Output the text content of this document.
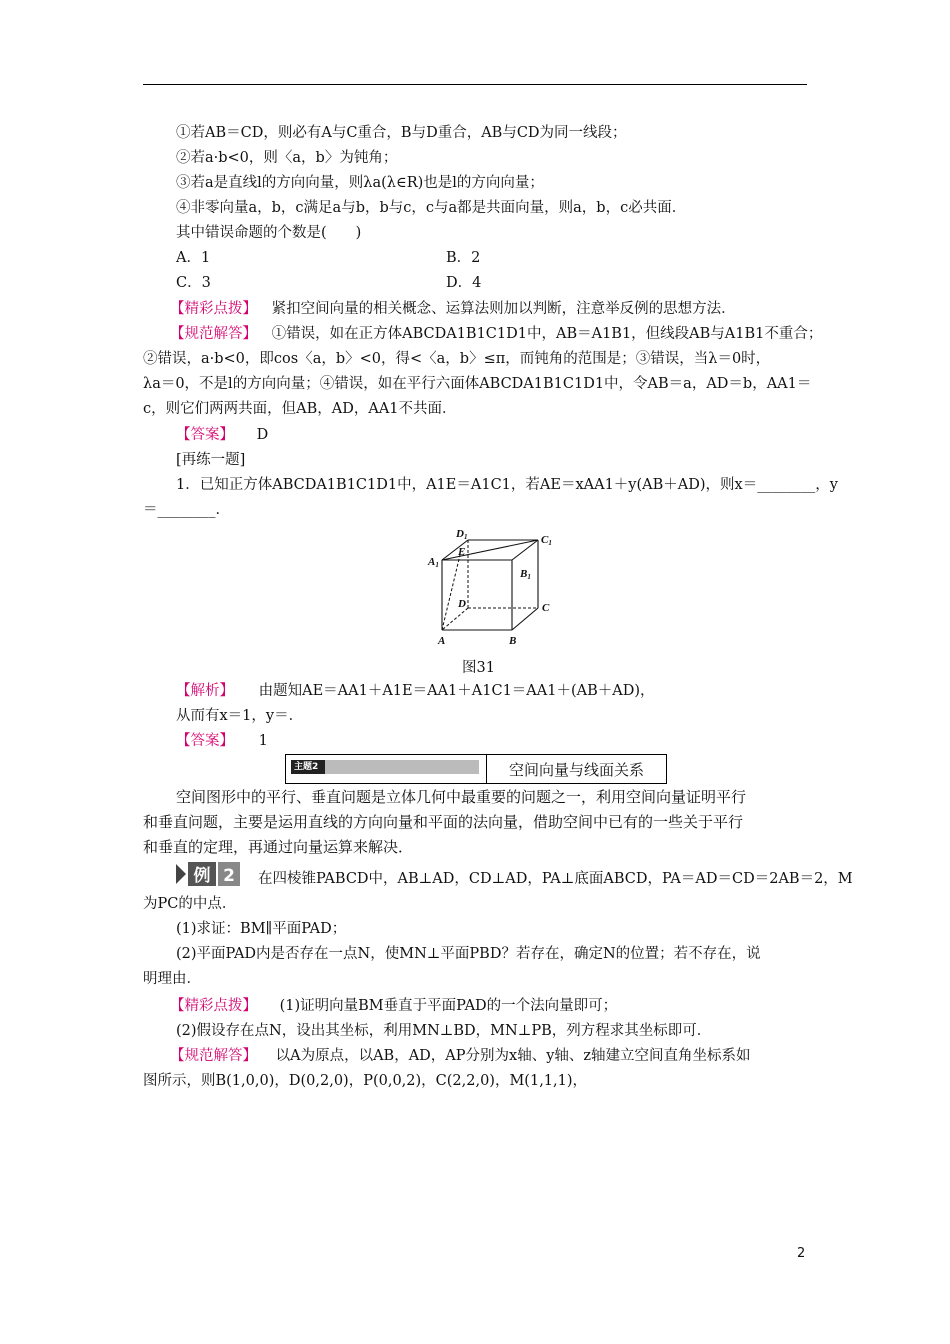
①若AB＝CD，则必有A与C重合，B与D重合，AB与CD为同一线段；
②若a·b<0，则〈a，b〉为钝角；
③若a是直线l的方向向量，则λa(λ∈R)也是l的方向向量；
④非零向量a，b，c满足a与b，b与c，c与a都是共面向量，则a，b，c必共面．
其中错误命题的个数是(　　)
A．1	B．2
C．3	D．4
【精彩点拨】 紧扣空间向量的相关概念、运算法则加以判断，注意举反例的思想方法．
【规范解答】 ①错误，如在正方体ABCDA1B1C1D1中，AB＝A1B1，但线段AB与A1B1不重合；
②错误，a·b<0，即cos〈a，b〉<0，得<〈a，b〉≤π，而钝角的范围是；③错误，当λ＝0时，
λa＝0，不是l的方向向量；④错误，如在平行六面体ABCDA1B1C1D1中，令AB＝a，AD＝b，AA1＝
c，则它们两两共面，但AB，AD，AA1不共面．
【答案】 D
[再练一题]
1．已知正方体ABCDA1B1C1D1中，A1E＝A1C1，若AE＝xAA1＋y(AB＋AD)，则x＝________，y
＝________．
D1	C1
A1
B1
E
D	C
A	B
图31
【解析】 由题知AE＝AA1＋A1E＝AA1＋A1C1＝AA1＋(AB＋AD)，
从而有x＝1，y＝．
【答案】 1
主题2	空间向量与线面关系
空间图形中的平行、垂直问题是立体几何中最重要的问题之一，利用空间向量证明平行
和垂直问题，主要是运用直线的方向向量和平面的法向量，借助空间中已有的一些关于平行
和垂直的定理，再通过向量运算来解决．
例 2 在四棱锥PABCD中，AB⊥AD，CD⊥AD，PA⊥底面ABCD，PA＝AD＝CD＝2AB＝2，M
为PC的中点．
(1)求证：BM∥平面PAD；
(2)平面PAD内是否存在一点N，使MN⊥平面PBD？若存在，确定N的位置；若不存在，说
明理由．
【精彩点拨】 (1)证明向量BM垂直于平面PAD的一个法向量即可；
(2)假设存在点N，设出其坐标，利用MN⊥BD，MN⊥PB，列方程求其坐标即可．
【规范解答】 以A为原点，以AB，AD，AP分别为x轴、y轴、z轴建立空间直角坐标系如
图所示，则B(1,0,0)，D(0,2,0)，P(0,0,2)，C(2,2,0)，M(1,1,1)，
2
